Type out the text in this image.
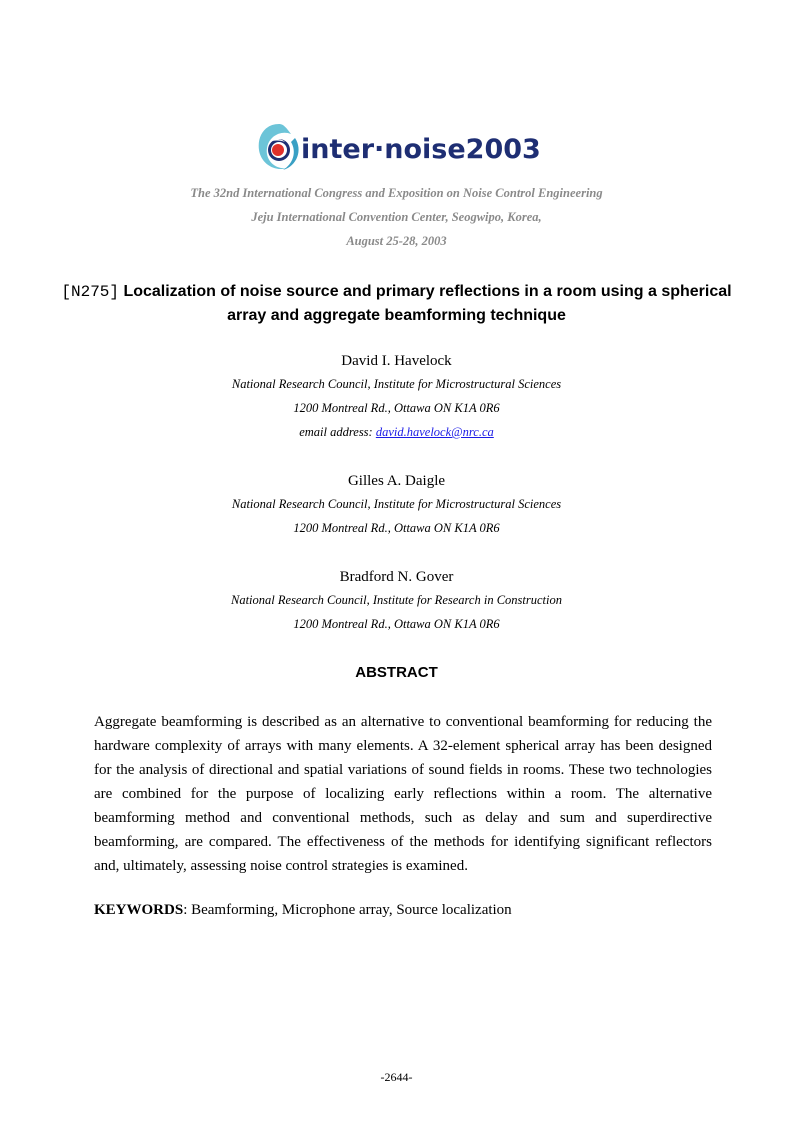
inter·noise2003
The 32nd International Congress and Exposition on Noise Control Engineering
Jeju International Convention Center, Seogwipo, Korea,
August 25-28, 2003
[N275] Localization of noise source and primary reflections in a room using a spherical array and aggregate beamforming technique
David I. Havelock
National Research Council, Institute for Microstructural Sciences
1200 Montreal Rd., Ottawa ON K1A 0R6
email address: david.havelock@nrc.ca
Gilles A. Daigle
National Research Council, Institute for Microstructural Sciences
1200 Montreal Rd., Ottawa ON K1A 0R6
Bradford N. Gover
National Research Council, Institute for Research in Construction
1200 Montreal Rd., Ottawa ON K1A 0R6
ABSTRACT
Aggregate beamforming is described as an alternative to conventional beamforming for reducing the hardware complexity of arrays with many elements. A 32-element spherical array has been designed for the analysis of directional and spatial variations of sound fields in rooms. These two technologies are combined for the purpose of localizing early reflections within a room. The alternative beamforming method and conventional methods, such as delay and sum and superdirective beamforming, are compared. The effectiveness of the methods for identifying significant reflectors and, ultimately, assessing noise control strategies is examined.
KEYWORDS: Beamforming, Microphone array, Source localization
-2644-
